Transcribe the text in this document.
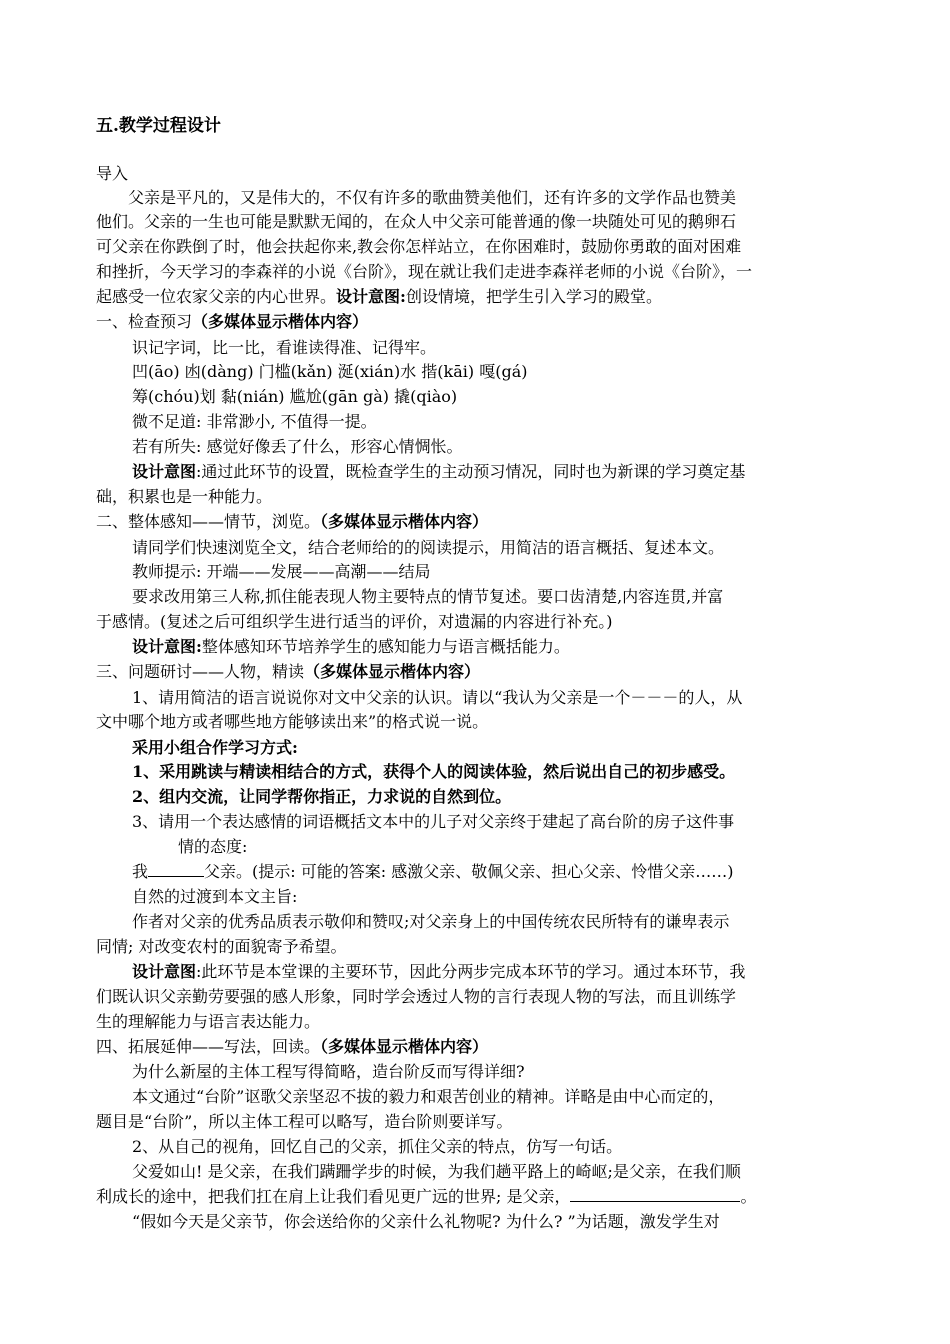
五.教学过程设计
导入
父亲是平凡的，又是伟大的，不仅有许多的歌曲赞美他们，还有许多的文学作品也赞美
他们。父亲的一生也可能是默默无闻的，在众人中父亲可能普通的像一块随处可见的鹅卵石
可父亲在你跌倒了时，他会扶起你来,教会你怎样站立，在你困难时，鼓励你勇敢的面对困难
和挫折，今天学习的李森祥的小说《台阶》，现在就让我们走进李森祥老师的小说《台阶》，一
起感受一位农家父亲的内心世界。设计意图:创设情境，把学生引入学习的殿堂。
一、检查预习（多媒体显示楷体内容）
识记字词，比一比，看谁读得准、记得牢。
凹(āo) 凼(dàng) 门槛(kǎn) 涎(xián)水 揩(kāi) 嘎(gá)
筹(chóu)划 黏(nián) 尴尬(gān gà) 撬(qiào)
微不足道: 非常渺小, 不值得一提。
若有所失: 感觉好像丢了什么，形容心情惆怅。
设计意图:通过此环节的设置，既检查学生的主动预习情况，同时也为新课的学习奠定基
础，积累也是一种能力。
二、整体感知——情节，浏览。（多媒体显示楷体内容）
请同学们快速浏览全文，结合老师给的的阅读提示，用简洁的语言概括、复述本文。
教师提示: 开端——发展——高潮——结局
要求改用第三人称,抓住能表现人物主要特点的情节复述。要口齿清楚,内容连贯,并富
于感情。(复述之后可组织学生进行适当的评价，对遗漏的内容进行补充。)
设计意图:整体感知环节培养学生的感知能力与语言概括能力。
三、问题研讨——人物，精读（多媒体显示楷体内容）
1、请用简洁的语言说说你对文中父亲的认识。请以“我认为父亲是一个－－－的人，从
文中哪个地方或者哪些地方能够读出来”的格式说一说。
采用小组合作学习方式:
1、采用跳读与精读相结合的方式，获得个人的阅读体验，然后说出自己的初步感受。
2、组内交流，让同学帮你指正，力求说的自然到位。
3、请用一个表达感情的词语概括文本中的儿子对父亲终于建起了高台阶的房子这件事
情的态度:
我	父亲。(提示: 可能的答案: 感激父亲、敬佩父亲、担心父亲、怜惜父亲……)
自然的过渡到本文主旨:
作者对父亲的优秀品质表示敬仰和赞叹;对父亲身上的中国传统农民所特有的谦卑表示
同情; 对改变农村的面貌寄予希望。
设计意图:此环节是本堂课的主要环节，因此分两步完成本环节的学习。通过本环节，我
们既认识父亲勤劳要强的感人形象，同时学会透过人物的言行表现人物的写法，而且训练学
生的理解能力与语言表达能力。
四、拓展延伸——写法，回读。（多媒体显示楷体内容）
为什么新屋的主体工程写得简略，造台阶反而写得详细?
本文通过“台阶”讴歌父亲坚忍不拔的毅力和艰苦创业的精神。详略是由中心而定的，
题目是“台阶”，所以主体工程可以略写，造台阶则要详写。
2、从自己的视角，回忆自己的父亲，抓住父亲的特点，仿写一句话。
父爱如山! 是父亲，在我们蹒跚学步的时候，为我们趟平路上的崎岖;是父亲，在我们顺
利成长的途中，把我们扛在肩上让我们看见更广远的世界; 是父亲，	。
“假如今天是父亲节，你会送给你的父亲什么礼物呢? 为什么? ”为话题，激发学生对
